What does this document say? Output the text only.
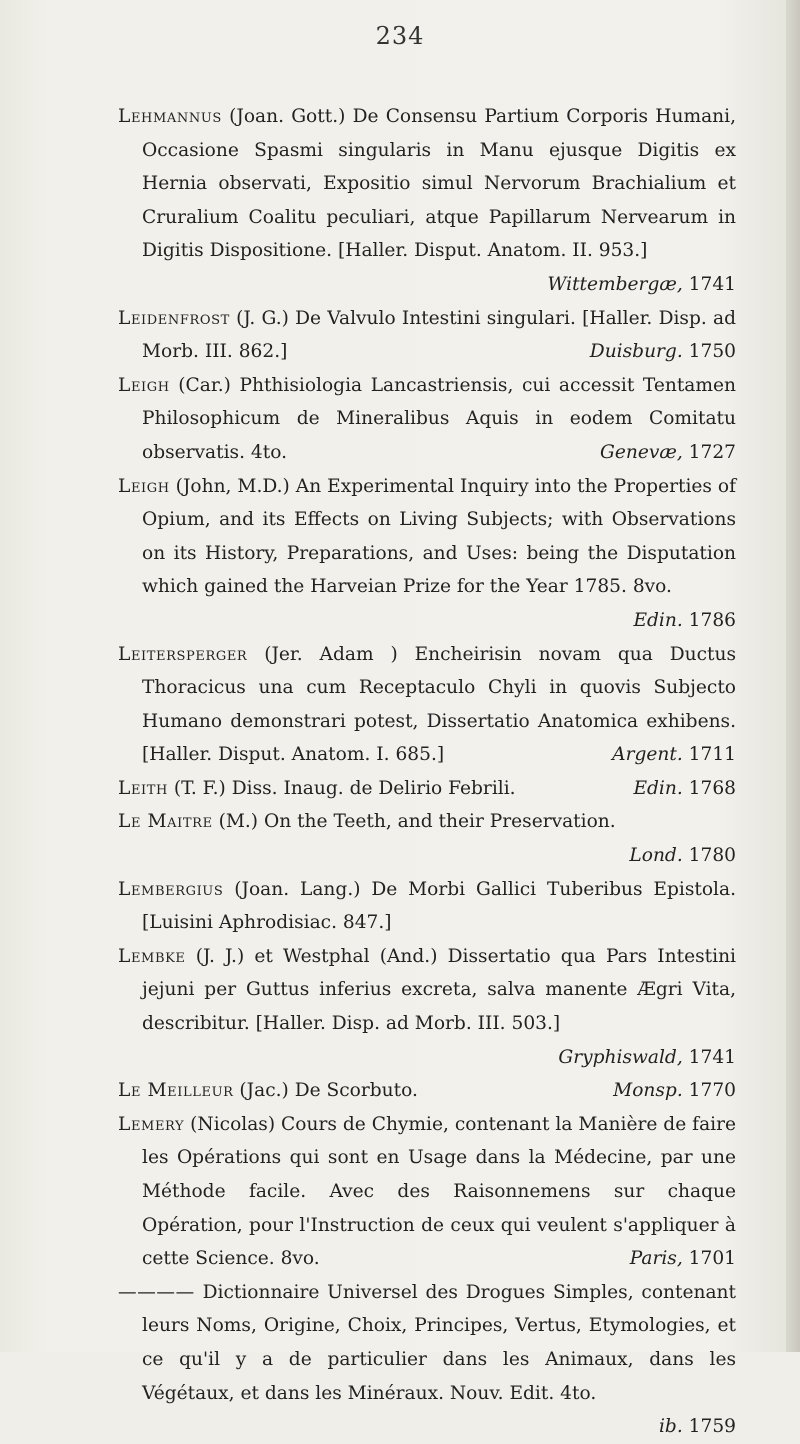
234

Lehmannus (Joan. Gott.) De Consensu Partium Corporis Humani, Occasione Spasmi singularis in Manu ejusque Digitis ex Hernia observati, Expositio simul Nervorum Brachialium et Cruralium Coalitu peculiari, atque Papillarum Nervearum in Digitis Dispositione. [Haller. Disput. Anatom. II. 953.]
Wittembergæ, 1741

Leidenfrost (J. G.) De Valvulo Intestini singulari. [Haller. Disp. ad Morb. III. 862.]	Duisburg. 1750

Leigh (Car.) Phthisiologia Lancastriensis, cui accessit Tentamen Philosophicum de Mineralibus Aquis in eodem Comitatu observatis. 4to.	Genevæ, 1727

Leigh (John, M.D.) An Experimental Inquiry into the Properties of Opium, and its Effects on Living Subjects; with Observations on its History, Preparations, and Uses: being the Disputation which gained the Harveian Prize for the Year 1785. 8vo.
Edin. 1786

Leitersperger (Jer. Adam ) Encheirisin novam qua Ductus Thoracicus una cum Receptaculo Chyli in quovis Subjecto Humano demonstrari potest, Dissertatio Anatomica exhibens. [Haller. Disput. Anatom. I. 685.]	Argent. 1711

Leith (T. F.) Diss. Inaug. de Delirio Febrili.	Edin. 1768

Le Maitre (M.) On the Teeth, and their Preservation.
Lond. 1780

Lembergius (Joan. Lang.) De Morbi Gallici Tuberibus Epistola. [Luisini Aphrodisiac. 847.]

Lembke (J. J.) et Westphal (And.) Dissertatio qua Pars Intestini jejuni per Guttus inferius excreta, salva manente Ægri Vita, describitur. [Haller. Disp. ad Morb. III. 503.]
Gryphiswald, 1741

Le Meilleur (Jac.) De Scorbuto.	Monsp. 1770

Lemery (Nicolas) Cours de Chymie, contenant la Manière de faire les Opérations qui sont en Usage dans la Médecine, par une Méthode facile. Avec des Raisonnemens sur chaque Opération, pour l'Instruction de ceux qui veulent s'appliquer à cette Science. 8vo.	Paris, 1701

———— Dictionnaire Universel des Drogues Simples, contenant leurs Noms, Origine, Choix, Principes, Vertus, Etymologies, et ce qu'il y a de particulier dans les Animaux, dans les Végétaux, et dans les Minéraux. Nouv. Edit. 4to.
ib. 1759
